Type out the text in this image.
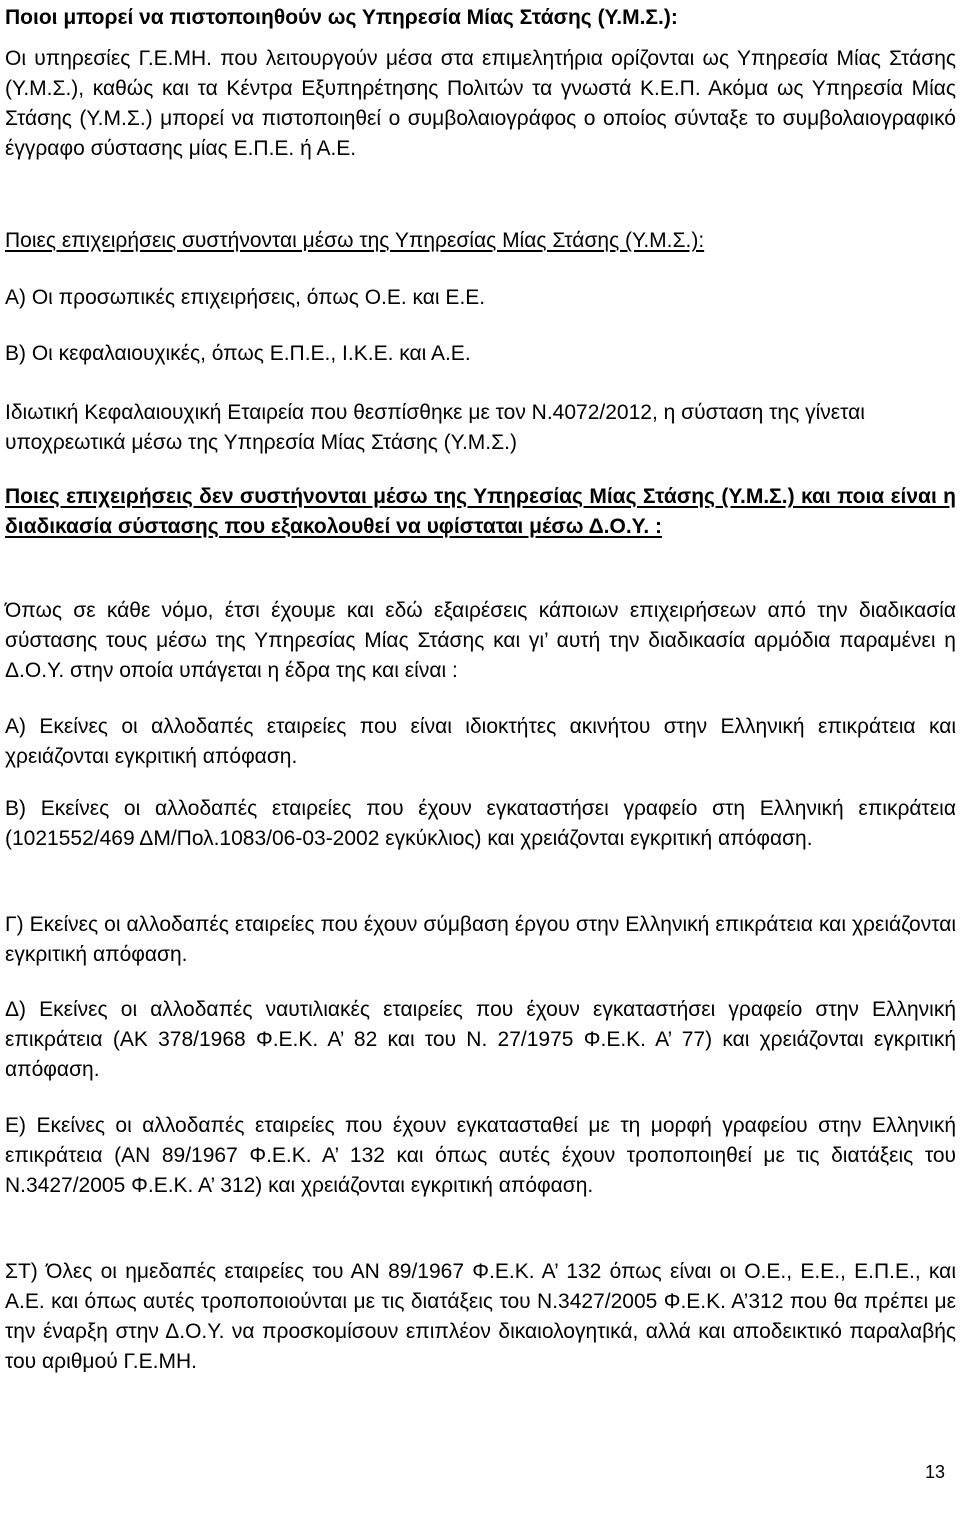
Ποιοι μπορεί να πιστοποιηθούν ως Υπηρεσία Μίας Στάσης (Υ.Μ.Σ.):

Οι υπηρεσίες Γ.Ε.ΜΗ. που λειτουργούν μέσα στα επιμελητήρια ορίζονται ως Υπηρεσία Μίας Στάσης (Υ.Μ.Σ.), καθώς και τα Κέντρα Εξυπηρέτησης Πολιτών τα γνωστά Κ.Ε.Π. Ακόμα ως Υπηρεσία Μίας Στάσης (Υ.Μ.Σ.) μπορεί να πιστοποιηθεί ο συμβολαιογράφος ο οποίος σύνταξε το συμβολαιογραφικό έγγραφο σύστασης μίας Ε.Π.Ε. ή Α.Ε.

Ποιες επιχειρήσεις συστήνονται μέσω της Υπηρεσίας Μίας Στάσης (Υ.Μ.Σ.):

Α) Οι προσωπικές επιχειρήσεις, όπως Ο.Ε. και Ε.Ε.

Β) Οι κεφαλαιουχικές, όπως Ε.Π.Ε., Ι.Κ.Ε. και Α.Ε.

Ιδιωτική Κεφαλαιουχική Εταιρεία που θεσπίσθηκε με τον Ν.4072/2012, η σύσταση της γίνεται υποχρεωτικά μέσω της Υπηρεσία Μίας Στάσης (Υ.Μ.Σ.)

Ποιες επιχειρήσεις δεν συστήνονται μέσω της Υπηρεσίας Μίας Στάσης (Υ.Μ.Σ.) και ποια είναι η διαδικασία σύστασης που εξακολουθεί να υφίσταται μέσω Δ.Ο.Υ. :

Όπως σε κάθε νόμο, έτσι έχουμε και εδώ εξαιρέσεις κάποιων επιχειρήσεων από την διαδικασία σύστασης τους μέσω της Υπηρεσίας Μίας Στάσης και γι’ αυτή την διαδικασία αρμόδια παραμένει η Δ.Ο.Υ. στην οποία υπάγεται η έδρα της και είναι :

Α) Εκείνες οι αλλοδαπές εταιρείες που είναι ιδιοκτήτες ακινήτου στην Ελληνική επικράτεια και χρειάζονται εγκριτική απόφαση.

Β) Εκείνες οι αλλοδαπές εταιρείες που έχουν εγκαταστήσει γραφείο στη Ελληνική επικράτεια (1021552/469 ΔΜ/Πολ.1083/06-03-2002 εγκύκλιος) και χρειάζονται εγκριτική απόφαση.

Γ) Εκείνες οι αλλοδαπές εταιρείες που έχουν σύμβαση έργου στην Ελληνική επικράτεια και χρειάζονται εγκριτική απόφαση.

Δ) Εκείνες οι αλλοδαπές ναυτιλιακές εταιρείες που έχουν εγκαταστήσει γραφείο στην Ελληνική επικράτεια (ΑΚ 378/1968 Φ.Ε.Κ. Α’ 82 και του Ν. 27/1975 Φ.Ε.Κ. Α’ 77) και χρειάζονται εγκριτική απόφαση.

Ε) Εκείνες οι αλλοδαπές εταιρείες που έχουν εγκατασταθεί με τη μορφή γραφείου στην Ελληνική επικράτεια (ΑΝ 89/1967 Φ.Ε.Κ. Α’ 132 και όπως αυτές έχουν τροποποιηθεί με τις διατάξεις του Ν.3427/2005 Φ.Ε.Κ. Α’ 312) και χρειάζονται εγκριτική απόφαση.

ΣΤ) Όλες οι ημεδαπές εταιρείες του ΑΝ 89/1967 Φ.Ε.Κ. Α’ 132 όπως είναι οι Ο.Ε., Ε.Ε., Ε.Π.Ε., και Α.Ε. και όπως αυτές τροποποιούνται με τις διατάξεις του Ν.3427/2005 Φ.Ε.Κ. Α’312 που θα πρέπει με την έναρξη στην Δ.Ο.Υ. να προσκομίσουν επιπλέον δικαιολογητικά, αλλά και αποδεικτικό παραλαβής του αριθμού Γ.Ε.ΜΗ.

13
